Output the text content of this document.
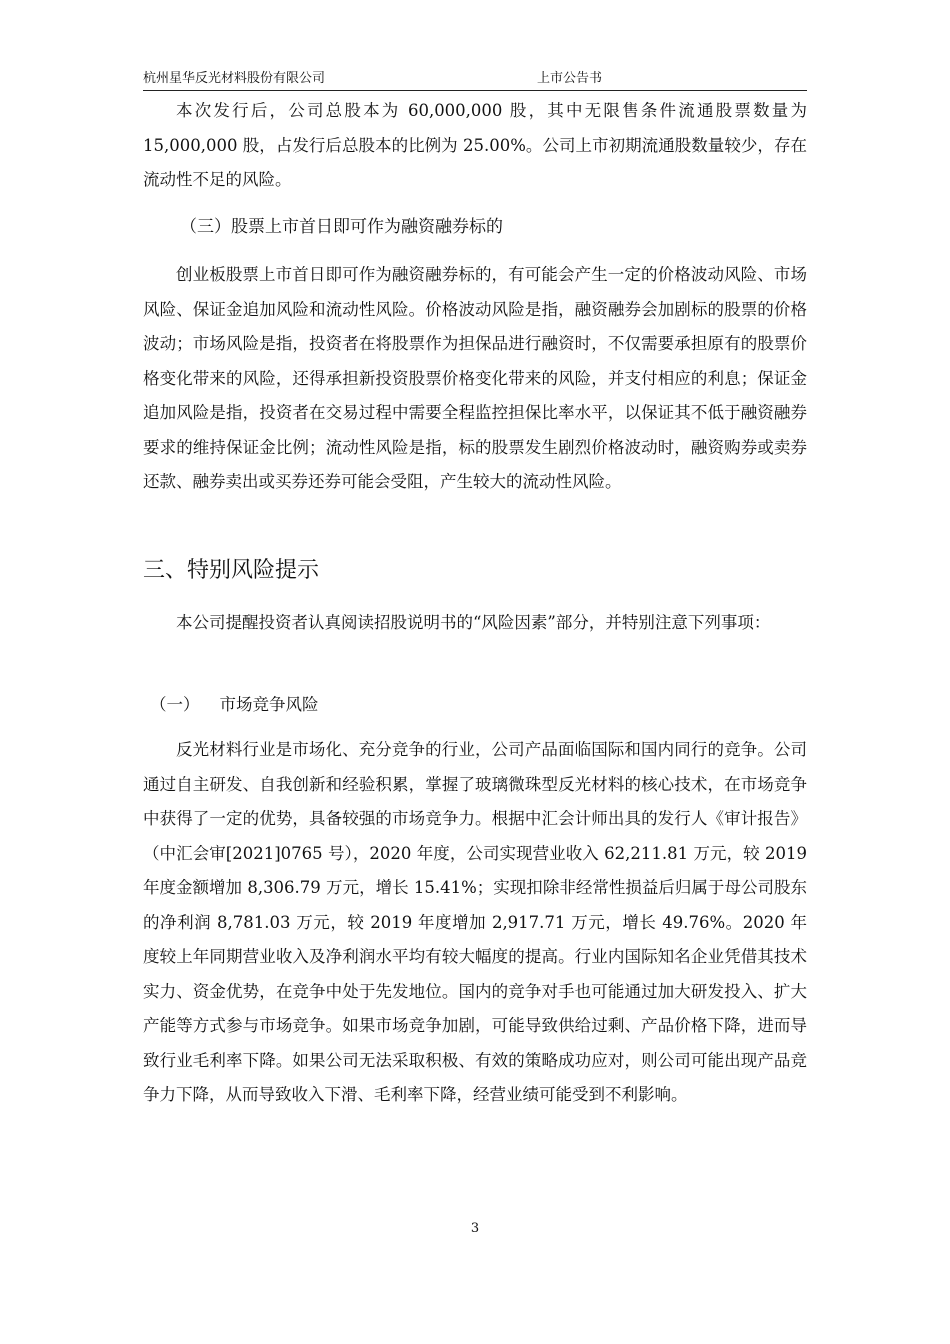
杭州星华反光材料股份有限公司	上市公告书

本次发行后，公司总股本为 60,000,000 股，其中无限售条件流通股票数量为 15,000,000 股，占发行后总股本的比例为 25.00%。公司上市初期流通股数量较少，存在流动性不足的风险。

（三）股票上市首日即可作为融资融券标的

创业板股票上市首日即可作为融资融券标的，有可能会产生一定的价格波动风险、市场风险、保证金追加风险和流动性风险。价格波动风险是指，融资融券会加剧标的股票的价格波动；市场风险是指，投资者在将股票作为担保品进行融资时，不仅需要承担原有的股票价格变化带来的风险，还得承担新投资股票价格变化带来的风险，并支付相应的利息；保证金追加风险是指，投资者在交易过程中需要全程监控担保比率水平，以保证其不低于融资融券要求的维持保证金比例；流动性风险是指，标的股票发生剧烈价格波动时，融资购券或卖券还款、融券卖出或买券还券可能会受阻，产生较大的流动性风险。

三、特别风险提示

本公司提醒投资者认真阅读招股说明书的“风险因素”部分，并特别注意下列事项：

（一） 市场竞争风险

反光材料行业是市场化、充分竞争的行业，公司产品面临国际和国内同行的竞争。公司通过自主研发、自我创新和经验积累，掌握了玻璃微珠型反光材料的核心技术，在市场竞争中获得了一定的优势，具备较强的市场竞争力。根据中汇会计师出具的发行人《审计报告》（中汇会审[2021]0765 号），2020 年度，公司实现营业收入 62,211.81 万元，较 2019 年度金额增加 8,306.79 万元，增长 15.41%；实现扣除非经常性损益后归属于母公司股东的净利润 8,781.03 万元，较 2019 年度增加 2,917.71 万元，增长 49.76%。2020 年度较上年同期营业收入及净利润水平均有较大幅度的提高。行业内国际知名企业凭借其技术实力、资金优势，在竞争中处于先发地位。国内的竞争对手也可能通过加大研发投入、扩大产能等方式参与市场竞争。如果市场竞争加剧，可能导致供给过剩、产品价格下降，进而导致行业毛利率下降。如果公司无法采取积极、有效的策略成功应对，则公司可能出现产品竞争力下降，从而导致收入下滑、毛利率下降，经营业绩可能受到不利影响。

3
